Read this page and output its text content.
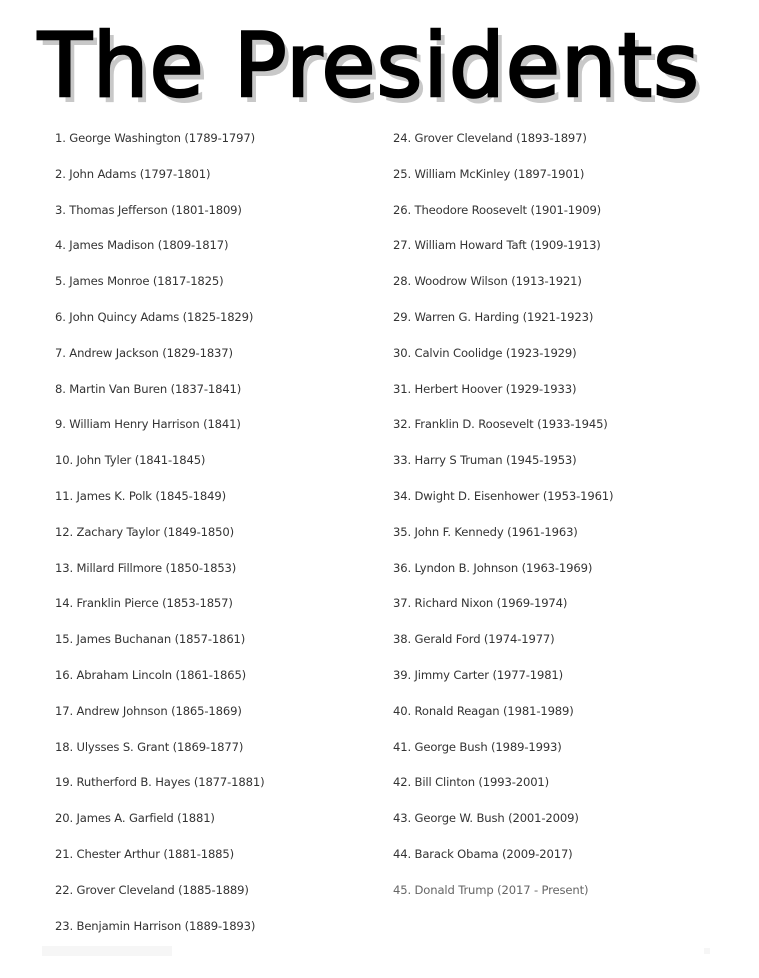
The Presidents
1. George Washington (1789-1797)
2. John Adams (1797-1801)
3. Thomas Jefferson (1801-1809)
4. James Madison (1809-1817)
5. James Monroe (1817-1825)
6. John Quincy Adams (1825-1829)
7. Andrew Jackson (1829-1837)
8. Martin Van Buren (1837-1841)
9. William Henry Harrison (1841)
10. John Tyler (1841-1845)
11. James K. Polk (1845-1849)
12. Zachary Taylor (1849-1850)
13. Millard Fillmore (1850-1853)
14. Franklin Pierce (1853-1857)
15. James Buchanan (1857-1861)
16. Abraham Lincoln (1861-1865)
17. Andrew Johnson (1865-1869)
18. Ulysses S. Grant (1869-1877)
19. Rutherford B. Hayes (1877-1881)
20. James A. Garfield (1881)
21. Chester Arthur (1881-1885)
22. Grover Cleveland (1885-1889)
23. Benjamin Harrison (1889-1893)
24. Grover Cleveland (1893-1897)
25. William McKinley (1897-1901)
26. Theodore Roosevelt (1901-1909)
27. William Howard Taft (1909-1913)
28. Woodrow Wilson (1913-1921)
29. Warren G. Harding (1921-1923)
30. Calvin Coolidge (1923-1929)
31. Herbert Hoover (1929-1933)
32. Franklin D. Roosevelt (1933-1945)
33. Harry S Truman (1945-1953)
34. Dwight D. Eisenhower (1953-1961)
35. John F. Kennedy (1961-1963)
36. Lyndon B. Johnson (1963-1969)
37. Richard Nixon (1969-1974)
38. Gerald Ford (1974-1977)
39. Jimmy Carter (1977-1981)
40. Ronald Reagan (1981-1989)
41. George Bush (1989-1993)
42. Bill Clinton (1993-2001)
43. George W. Bush (2001-2009)
44. Barack Obama (2009-2017)
45. Donald Trump (2017 - Present)
